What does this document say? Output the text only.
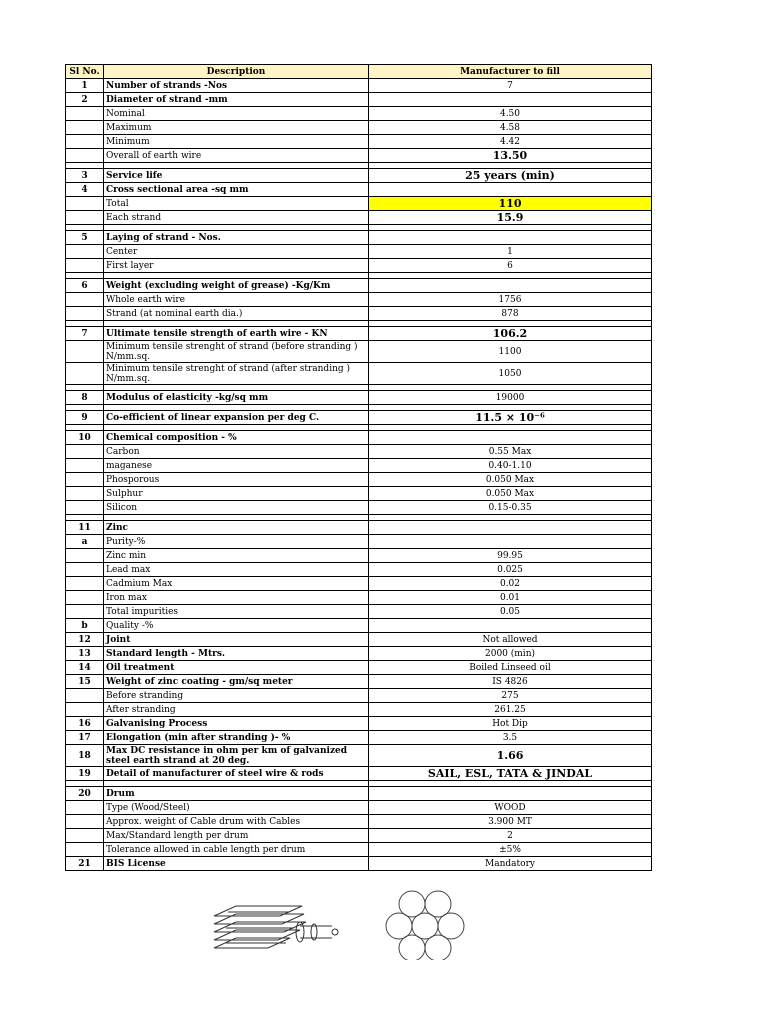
Sl No.	Description	Manufacturer to fill
1	Number of strands -Nos	7
2	Diameter of strand -mm	
	Nominal	4.50
	Maximum	4.58
	Minimum	4.42
	Overall of earth wire	13.50

3	Service life	25 years (min)
4	Cross sectional area -sq mm	
	Total	110
	Each strand	15.9

5	Laying of strand - Nos.	
	Center	1
	First layer	6

6	Weight (excluding weight of grease) -Kg/Km	
	Whole earth wire	1756
	Strand (at nominal earth dia.)	878

7	Ultimate tensile strength of earth wire - KN	106.2
	Minimum tensile strenght of strand (before stranding ) N/mm.sq.	1100
	Minimum tensile strenght of strand (after stranding ) N/mm.sq.	1050

8	Modulus of elasticity -kg/sq mm	19000

9	Co-efficient of linear expansion per deg C.	11.5 × 10⁻⁶

10	Chemical composition - %	
	Carbon	0.55 Max
	maganese	0.40-1.10
	Phosporous	0.050 Max
	Sulphur	0.050 Max
	Silicon	0.15-0.35

11	Zinc	
a	Purity-%	
	Zinc min	99.95
	Lead max	0.025
	Cadmium Max	0.02
	Iron max	0.01
	Total impurities	0.05
b	Quality -%	
12	Joint	Not allowed
13	Standard length - Mtrs.	2000 (min)
14	Oil treatment	Boiled Linseed oil
15	Weight of zinc coating - gm/sq meter	IS 4826
	Before stranding	275
	After stranding	261.25
16	Galvanising Process	Hot Dip
17	Elongation (min after stranding )- %	3.5
18	Max DC resistance in ohm per km of galvanized steel earth strand at 20 deg.	1.66
19	Detail of manufacturer of steel wire & rods	SAIL, ESL, TATA & JINDAL

20	Drum	
	Type (Wood/Steel)	WOOD
	Approx. weight of Cable drum with Cables	3.900 MT
	Max/Standard length per drum	2
	Tolerance allowed in cable length per drum	±5%
21	BIS License	Mandatory
